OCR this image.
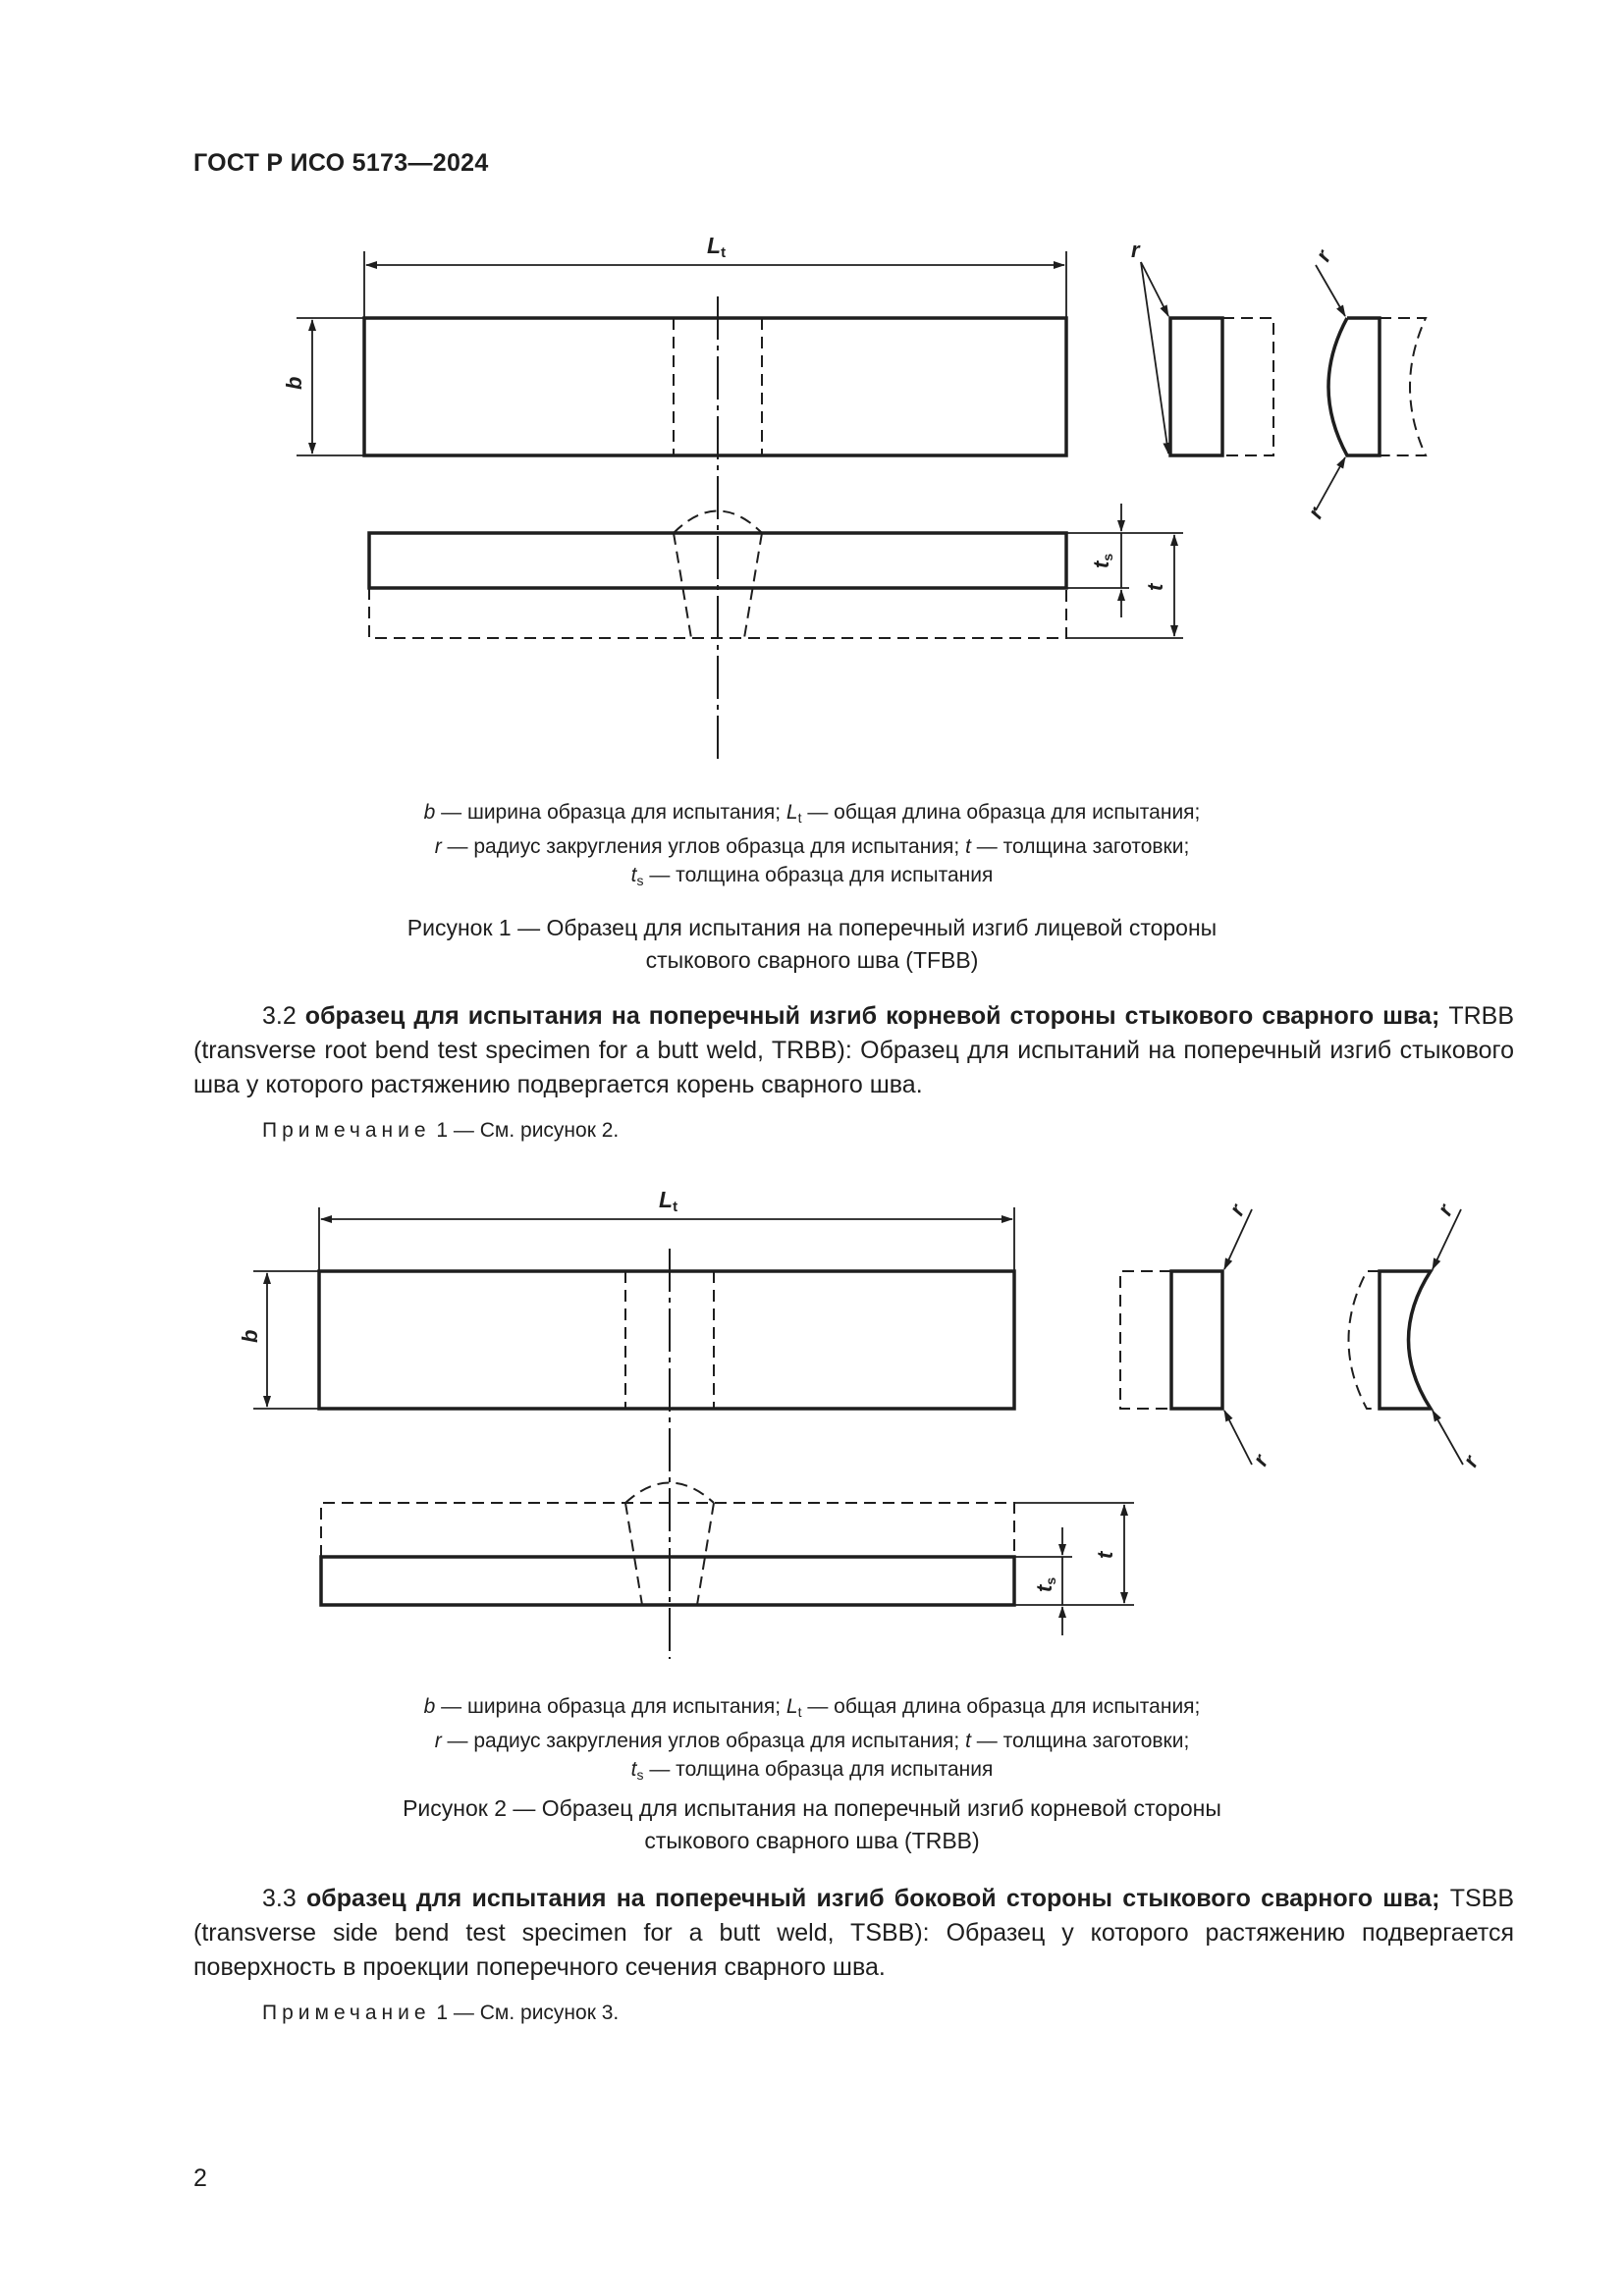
ГОСТ Р ИСО 5173—2024
Lt
b
ts
t
r	r
r
b — ширина образца для испытания; $L_t$ — общая длина образца для испытания;
r — радиус закругления углов образца для испытания; t — толщина заготовки;
$t_s$ — толщина образца для испытания
Рисунок 1 — Образец для испытания на поперечный изгиб лицевой стороны
стыкового сварного шва (TFBB)
3.2 образец для испытания на поперечный изгиб корневой стороны стыкового сварного шва; TRBB (transverse root bend test specimen for a butt weld, TRBB): Образец для испытаний на поперечный изгиб стыкового шва у которого растяжению подвергается корень сварного шва.
Примечание 1 — См. рисунок 2.
Lt
b
t
ts
r
r
r
r
b — ширина образца для испытания; $L_t$ — общая длина образца для испытания;
r — радиус закругления углов образца для испытания; t — толщина заготовки;
$t_s$ — толщина образца для испытания
Рисунок 2 — Образец для испытания на поперечный изгиб корневой стороны
стыкового сварного шва (TRBB)
3.3 образец для испытания на поперечный изгиб боковой стороны стыкового сварного шва; TSBB (transverse side bend test specimen for a butt weld, TSBB): Образец у которого растяжению подвергается поверхность в проекции поперечного сечения сварного шва.
Примечание 1 — См. рисунок 3.
2
